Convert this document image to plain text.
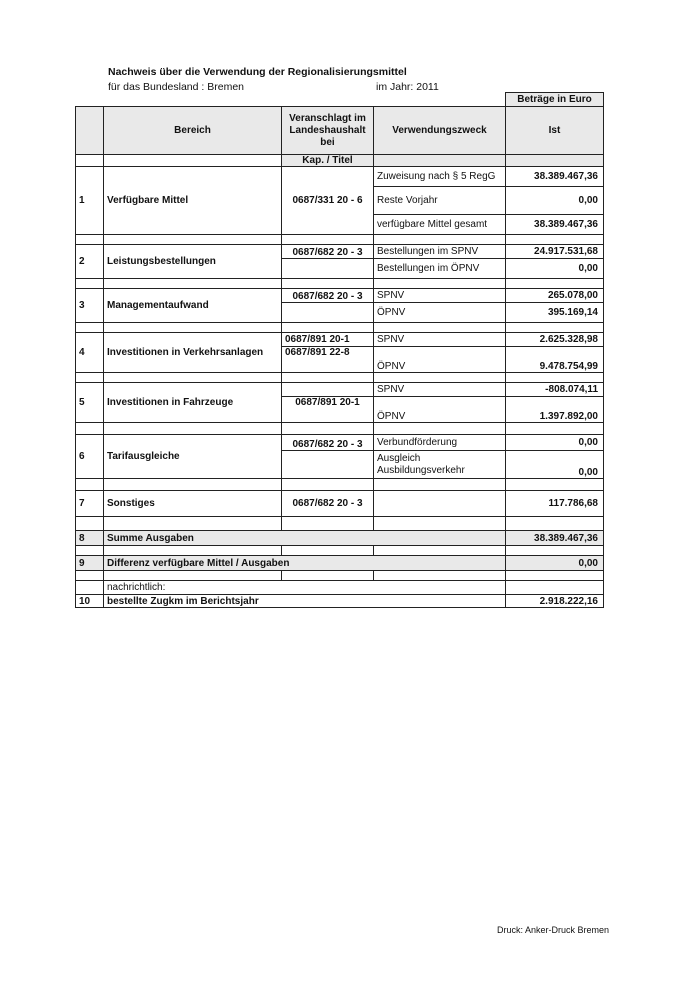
Nachweis über die Verwendung der Regionalisierungsmittel
für das Bundesland : Bremen	im Jahr: 2011
				Beträge in Euro
	Bereich	Veranschlagt im Landeshaushalt bei	Verwendungszweck	Ist
		Kap. / Titel		
1	Verfügbare Mittel	0687/331 20 - 6	Zuweisung nach § 5 RegG	38.389.467,36
			Reste Vorjahr	0,00
			verfügbare Mittel gesamt	38.389.467,36

2	Leistungsbestellungen	0687/682 20 - 3	Bestellungen im SPNV	24.917.531,68
			Bestellungen im ÖPNV	0,00

3	Managementaufwand	0687/682 20 - 3	SPNV	265.078,00
			ÖPNV	395.169,14

4	Investitionen in Verkehrsanlagen	0687/891 20-1	SPNV	2.625.328,98
		0687/891 22-8	ÖPNV	9.478.754,99

5	Investitionen in Fahrzeuge		SPNV	-808.074,11
		0687/891 20-1	ÖPNV	1.397.892,00

6	Tarifausgleiche	0687/682 20 - 3	Verbundförderung	0,00
			Ausgleich Ausbildungsverkehr	0,00

7	Sonstiges	0687/682 20 - 3		117.786,68

8	Summe Ausgaben			38.389.467,36

9	Differenz verfügbare Mittel / Ausgaben			0,00

	nachrichtlich:			
10	bestellte Zugkm im Berichtsjahr			2.918.222,16
Druck: Anker-Druck Bremen
